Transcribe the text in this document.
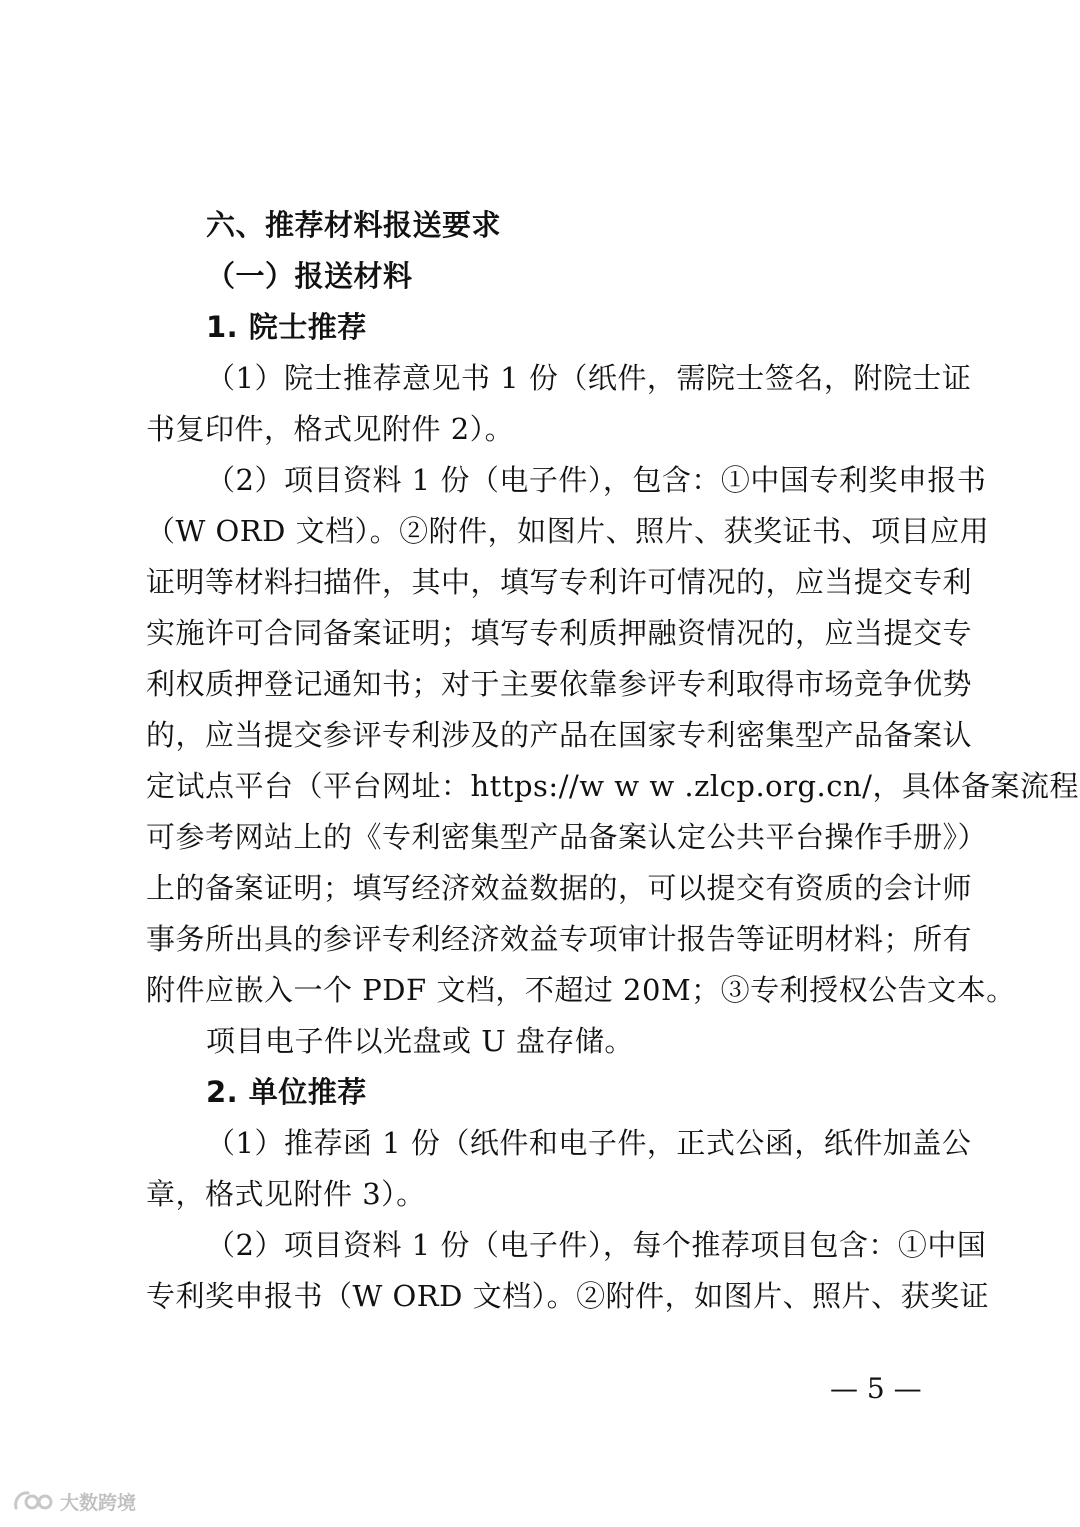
六、推荐材料报送要求
（一）报送材料
1. 院士推荐
（1）院士推荐意见书 1 份（纸件，需院士签名，附院士证
书复印件，格式见附件 2）。
（2）项目资料 1 份（电子件），包含：①中国专利奖申报书
（W ORD 文档）。②附件，如图片、照片、获奖证书、项目应用
证明等材料扫描件，其中，填写专利许可情况的，应当提交专利
实施许可合同备案证明；填写专利质押融资情况的，应当提交专
利权质押登记通知书；对于主要依靠参评专利取得市场竞争优势
的，应当提交参评专利涉及的产品在国家专利密集型产品备案认
定试点平台（平台网址：https://w w w .zlcp.org.cn/，具体备案流程
可参考网站上的《专利密集型产品备案认定公共平台操作手册》）
上的备案证明；填写经济效益数据的，可以提交有资质的会计师
事务所出具的参评专利经济效益专项审计报告等证明材料；所有
附件应嵌入一个 PDF 文档，不超过 20M；③专利授权公告文本。
项目电子件以光盘或 U 盘存储。
2. 单位推荐
（1）推荐函 1 份（纸件和电子件，正式公函，纸件加盖公
章，格式见附件 3）。
（2）项目资料 1 份（电子件），每个推荐项目包含：①中国
专利奖申报书（W ORD 文档）。②附件，如图片、照片、获奖证
— 5 —
大数跨境
